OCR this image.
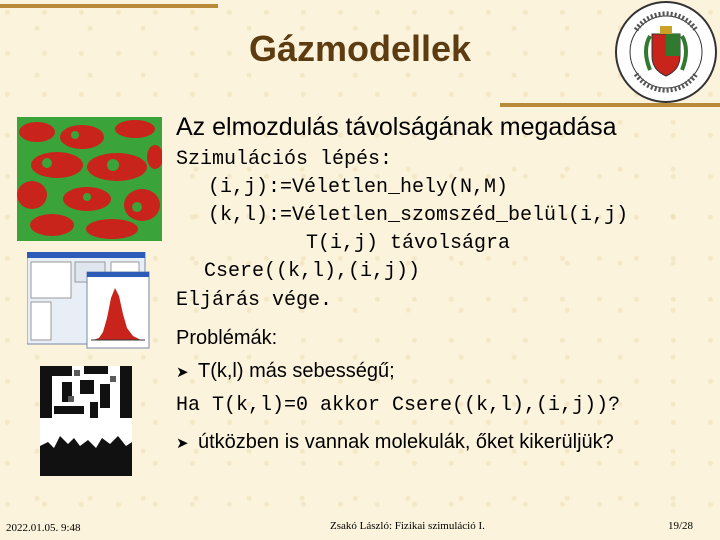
Gázmodellek
Az elmozdulás távolságának megadása
Szimulációs lépés:
(i,j):=Véletlen_hely(N,M)
(k,l):=Véletlen_szomszéd_belül(i,j)
T(i,j) távolságra
Csere((k,l),(i,j))
Eljárás vége.
Problémák:
➤ T(k,l) más sebességű;
Ha T(k,l)=0 akkor Csere((k,l),(i,j))?
➤ útközben is vannak molekulák, őket kikerüljük?
2022.01.05. 9:48	Zsakó László: Fizikai szimuláció I.	19/28
